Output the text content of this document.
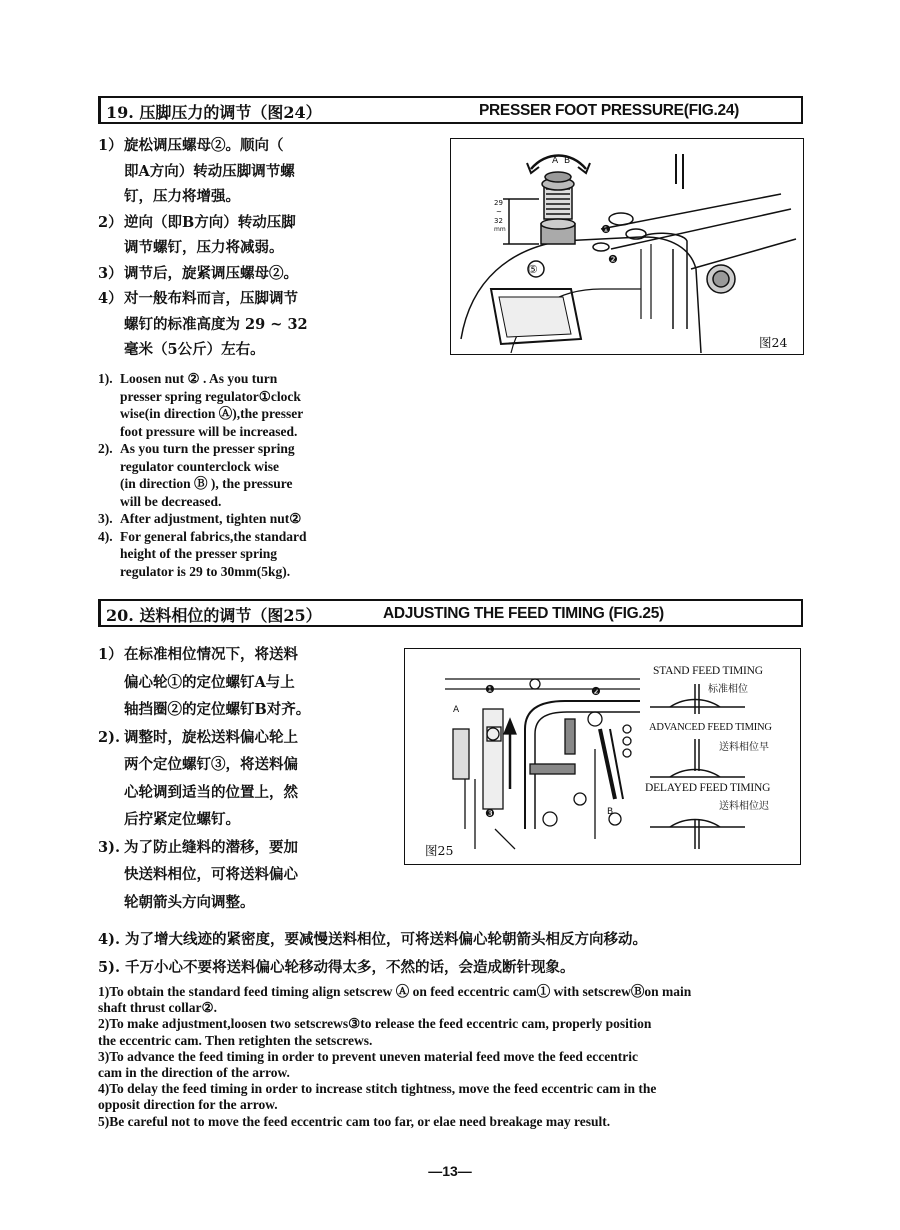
19. 压脚压力的调节（图24）	PRESSER FOOT PRESSURE(FIG.24)
1） 旋松调压螺母②。顺向（
即A方向）转动压脚调节螺
钉，压力将增强。
2） 逆向（即B方向）转动压脚
调节螺钉，压力将减弱。
3） 调节后，旋紧调压螺母②。
4） 对一般布料而言，压脚调节
螺钉的标准高度为 29 ~ 32
毫米（5公斤）左右。
1). Loosen nut ② . As you turn
presser spring regulator①clock
wise(in direction Ⓐ),the presser
foot pressure will be increased.
2). As you turn the presser spring
regulator counterclock wise
(in direction Ⓑ ), the pressure
will be decreased.
3). After adjustment, tighten nut②
4). For general fabrics,the standard
height of the presser spring
regulator is 29 to 30mm(5kg).
A B
29
~
32
mm	❶
❷
⑤
图24
20. 送料相位的调节（图25）	ADJUSTING THE FEED TIMING (FIG.25)
1） 在标准相位情况下，将送料
偏心轮①的定位螺钉A与上
轴挡圈②的定位螺钉B对齐。
2). 调整时，旋松送料偏心轮上
两个定位螺钉③，将送料偏
心轮调到适当的位置上，然
后拧紧定位螺钉。
3). 为了防止缝料的潜移，要加
快送料相位，可将送料偏心
轮朝箭头方向调整。
4). 为了增大线迹的紧密度，要减慢送料相位，可将送料偏心轮朝箭头相反方向移动。
5). 千万小心不要将送料偏心轮移动得太多，不然的话，会造成断针现象。
❶	❷
A
❸	B
STAND FEED TIMING
标准相位
ADVANCED FEED TIMING
送料相位早
DELAYED FEED TIMING
送料相位迟
图25
1)To obtain the standard feed timing align setscrew Ⓐ on feed eccentric cam① with setscrewⒷon main
shaft thrust collar②.
2)To make adjustment,loosen two setscrews③to release the feed eccentric cam, properly position
the eccentric cam. Then retighten the setscrews.
3)To advance the feed timing in order to prevent uneven material feed move the feed eccentric
cam in the direction of the arrow.
4)To delay the feed timing in order to increase stitch tightness, move the feed eccentric cam in the
opposit direction for the arrow.
5)Be careful not to move the feed eccentric cam too far, or elae need breakage may result.
—13—
